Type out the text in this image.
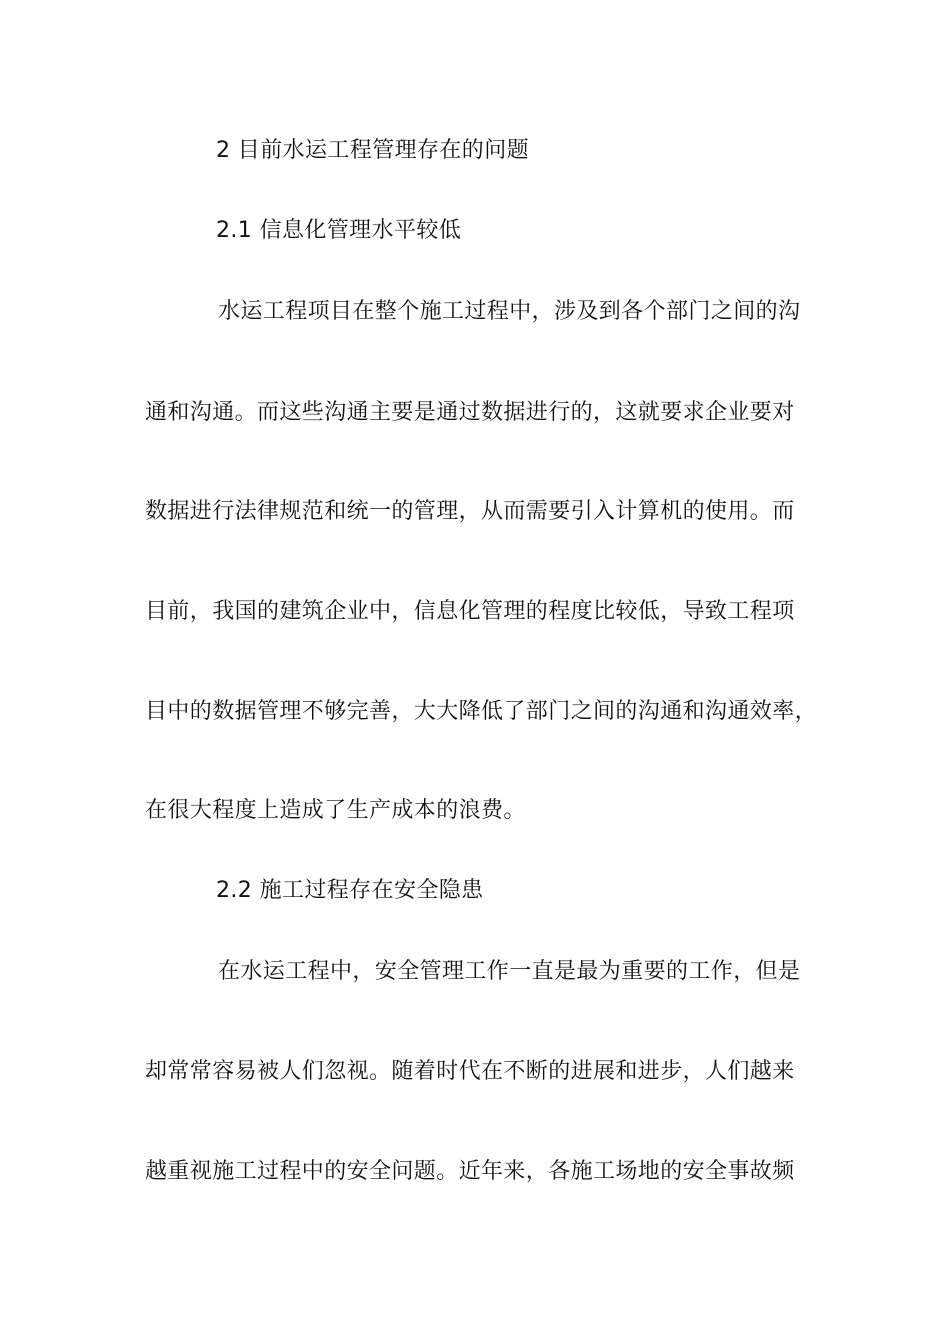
2 目前水运工程管理存在的问题
2.1 信息化管理水平较低
水运工程项目在整个施工过程中，涉及到各个部门之间的沟
通和沟通。而这些沟通主要是通过数据进行的，这就要求企业要对
数据进行法律规范和统一的管理，从而需要引入计算机的使用。而
目前，我国的建筑企业中，信息化管理的程度比较低，导致工程项
目中的数据管理不够完善，大大降低了部门之间的沟通和沟通效率，
在很大程度上造成了生产成本的浪费。
2.2 施工过程存在安全隐患
在水运工程中，安全管理工作一直是最为重要的工作，但是
却常常容易被人们忽视。随着时代在不断的进展和进步，人们越来
越重视施工过程中的安全问题。近年来，各施工场地的安全事故频
